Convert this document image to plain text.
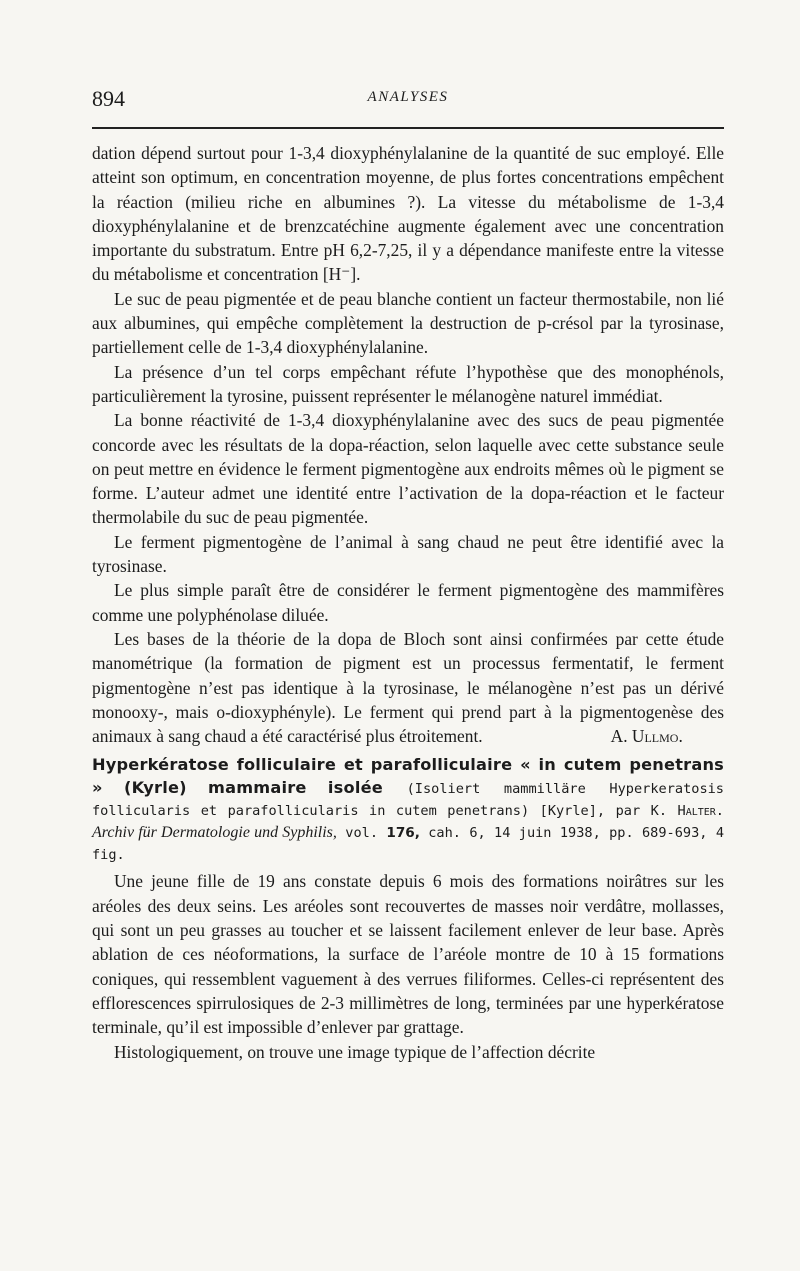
894	ANALYSES

dation dépend surtout pour 1-3,4 dioxyphénylalanine de la quantité de suc employé. Elle atteint son optimum, en concentration moyenne, de plus fortes concentrations empêchent la réaction (milieu riche en albumines ?). La vitesse du métabolisme de 1-3,4 dioxyphénylalanine et de brenzcatéchine augmente également avec une concentration importante du substratum. Entre pH 6,2-7,25, il y a dépendance manifeste entre la vitesse du métabolisme et concentration [H⁻].

Le suc de peau pigmentée et de peau blanche contient un facteur thermostabile, non lié aux albumines, qui empêche complètement la destruction de p-crésol par la tyrosinase, partiellement celle de 1-3,4 dioxyphénylalanine.

La présence d’un tel corps empêchant réfute l’hypothèse que des monophénols, particulièrement la tyrosine, puissent représenter le mélanogène naturel immédiat.

La bonne réactivité de 1-3,4 dioxyphénylalanine avec des sucs de peau pigmentée concorde avec les résultats de la dopa-réaction, selon laquelle avec cette substance seule on peut mettre en évidence le ferment pigmentogène aux endroits mêmes où le pigment se forme. L’auteur admet une identité entre l’activation de la dopa-réaction et le facteur thermolabile du suc de peau pigmentée.

Le ferment pigmentogène de l’animal à sang chaud ne peut être identifié avec la tyrosinase.

Le plus simple paraît être de considérer le ferment pigmentogène des mammifères comme une polyphénolase diluée.

Les bases de la théorie de la dopa de Bloch sont ainsi confirmées par cette étude manométrique (la formation de pigment est un processus fermentatif, le ferment pigmentogène n’est pas identique à la tyrosinase, le mélanogène n’est pas un dérivé monooxy-, mais o-dioxyphényle). Le ferment qui prend part à la pigmentogenèse des animaux à sang chaud a été caractérisé plus étroitement.	A. Ullmo.

Hyperkératose folliculaire et parafolliculaire « in cutem penetrans » (Kyrle) mammaire isolée (Isoliert mammilläre Hyperkeratosis follicularis et parafollicularis in cutem penetrans) [Kyrle], par K. Halter. Archiv für Dermatologie und Syphilis, vol. 176, cah. 6, 14 juin 1938, pp. 689-693, 4 fig.

Une jeune fille de 19 ans constate depuis 6 mois des formations noirâtres sur les aréoles des deux seins. Les aréoles sont recouvertes de masses noir verdâtre, mollasses, qui sont un peu grasses au toucher et se laissent facilement enlever de leur base. Après ablation de ces néoformations, la surface de l’aréole montre de 10 à 15 formations coniques, qui ressemblent vaguement à des verrues filiformes. Celles-ci représentent des efflorescences spirrulosiques de 2-3 millimètres de long, terminées par une hyperkératose terminale, qu’il est impossible d’enlever par grattage.

Histologiquement, on trouve une image typique de l’affection décrite
